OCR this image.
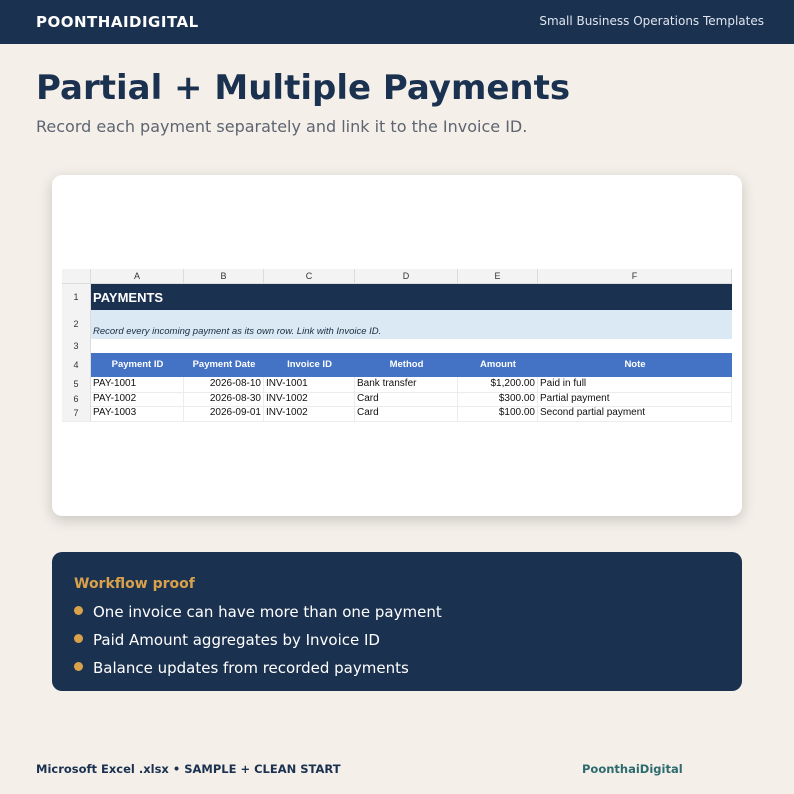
POONTHAIDIGITAL	Small Business Operations Templates
Partial + Multiple Payments
Record each payment separately and link it to the Invoice ID.
A	B	C	D	E	F
1	PAYMENTS
2
Record every incoming payment as its own row. Link with Invoice ID.
3
4	Payment ID	Payment Date	Invoice ID	Method	Amount	Note
5	PAY-1001	2026-08-10 INV-1001	Bank transfer	$1,200.00 Paid in full
6	PAY-1002	2026-08-30 INV-1002	Card	$300.00 Partial payment
7	PAY-1003	2026-09-01 INV-1002	Card	$100.00 Second partial payment
Workflow proof
One invoice can have more than one payment
Paid Amount aggregates by Invoice ID
Balance updates from recorded payments
Microsoft Excel .xlsx • SAMPLE + CLEAN START	PoonthaiDigital
